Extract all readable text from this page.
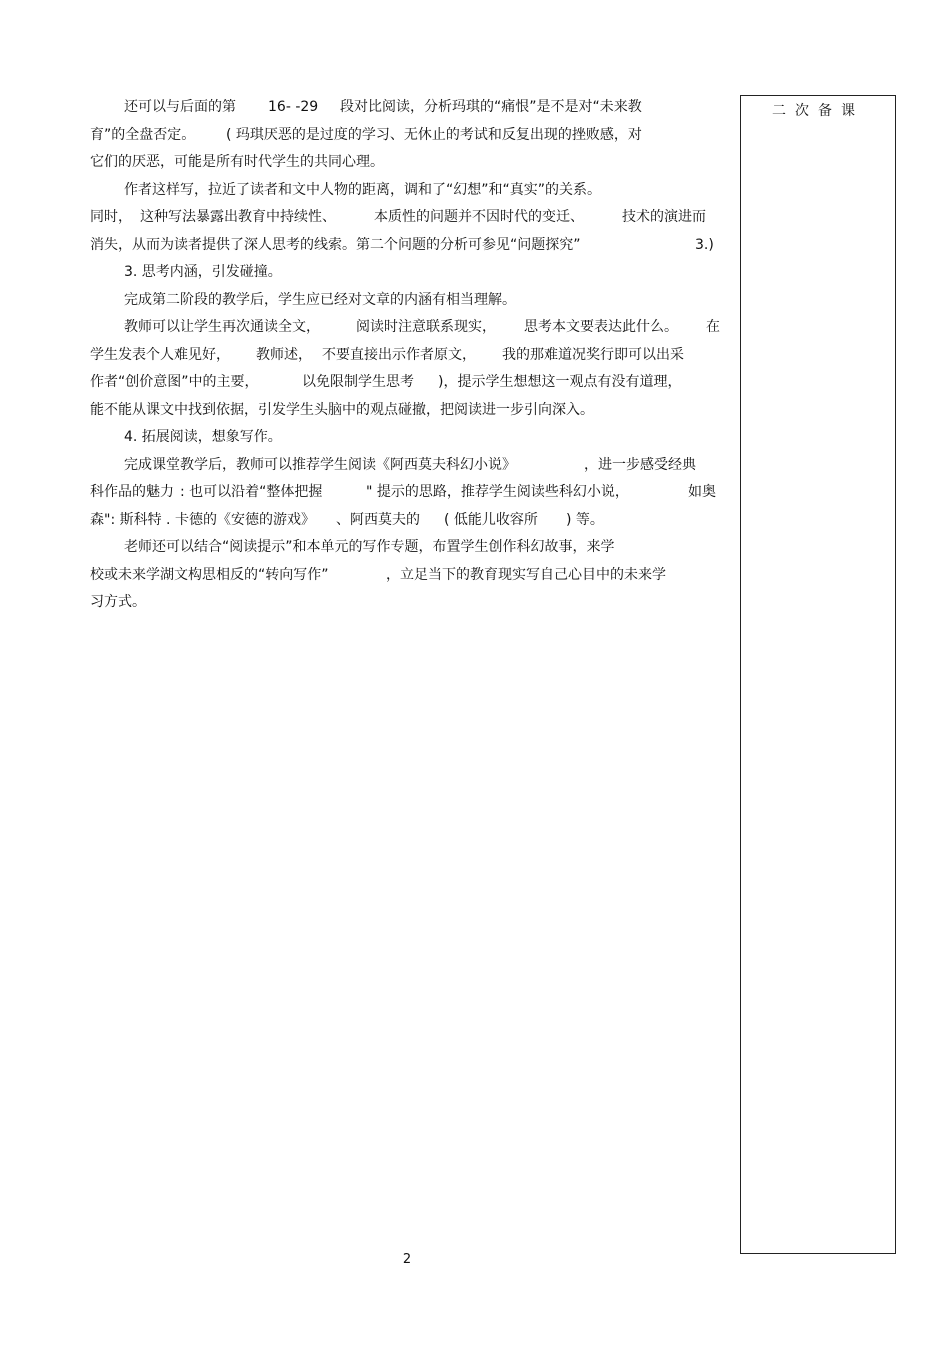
还可以与后面的第 16- -29 段对比阅读，分析玛琪的“痛恨”是不是对“未来教
育”的全盘否定。 ( 玛琪厌恶的是过度的学习、无休止的考试和反复出现的挫败感，对
它们的厌恶，可能是所有时代学生的共同心理。
作者这样写，拉近了读者和文中人物的距离，调和了“幻想”和“真实”的关系。
同时， 这种写法暴露出教育中持续性、	本质性的问题并不因时代的变迁、	技术的演进而
消失，从而为读者提供了深人思考的线索。第二个问题的分析可参见“问题探究”	3.)
3. 思考内涵，引发碰撞。
完成第二阶段的教学后，学生应已经对文章的内涵有相当理解。
教师可以让学生再次通读全文，	阅读时注意联系现实， 思考本文要表达此什么。 在
学生发表个人难见好， 教师述， 不要直接出示作者原文， 我的那难道况奖行即可以出采
作者“创价意图”中的主要，	以免限制学生思考 )，提示学生想想这一观点有没有道理，
能不能从课文中找到依据，引发学生头脑中的观点碰撤，把阅读进一步引向深入。
4. 拓展阅读，想象写作。
完成课堂教学后，教师可以推荐学生阅读《阿西莫夫科幻小说》	，进一步感受经典
科作品的魅力 : 也可以沿着“整体把握	" 提示的思路，推荐学生阅读些科幻小说，	如奥
森": 斯科特 . 卡德的《安德的游戏》 、阿西莫夫的 ( 低能儿收容所 ) 等。
老师还可以结合“阅读提示”和本单元的写作专题，布置学生创作科幻故事，来学
校或未来学湖文构思相反的“转向写作”	，立足当下的教育现实写自己心目中的未来学
习方式。
二次备课
2
